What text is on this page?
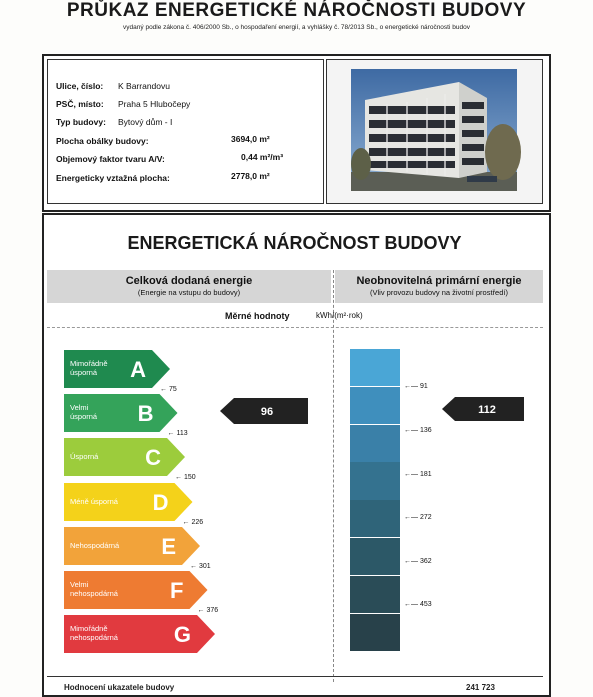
PRŮKAZ ENERGETICKÉ NÁROČNOSTI BUDOVY
vydaný podle zákona č. 406/2000 Sb., o hospodaření energií, a vyhlášky č. 78/2013 Sb., o energetické náročnosti budov
Ulice, číslo: K Barrandovu
PSČ, místo: Praha 5 Hlubočepy
Typ budovy: Bytový dům - I
Plocha obálky budovy:	3694,0 m²
Objemový faktor tvaru A/V:	0,44 m²/m³
Energeticky vztažná plocha:	2778,0 m²
ENERGETICKÁ NÁROČNOST BUDOVY
Celková dodaná energie
(Energie na vstupu do budovy)
Neobnovitelná primární energie
(Vliv provozu budovy na životní prostředí)
Měrné hodnoty	kWh/(m²·rok)
Mimořádně
úsporná A
← 75
Velmi
úsporná B
← 113
Úsporná C
← 150
Méně úsporná D
← 226
Nehospodárná E
← 301
Velmi
nehospodárná F
← 376
Mimořádně
nehospodárná	G
96
←— 91
←— 136
←— 181
←— 272
←— 362
←— 453
112
Hodnocení ukazatele budovy	241 723
